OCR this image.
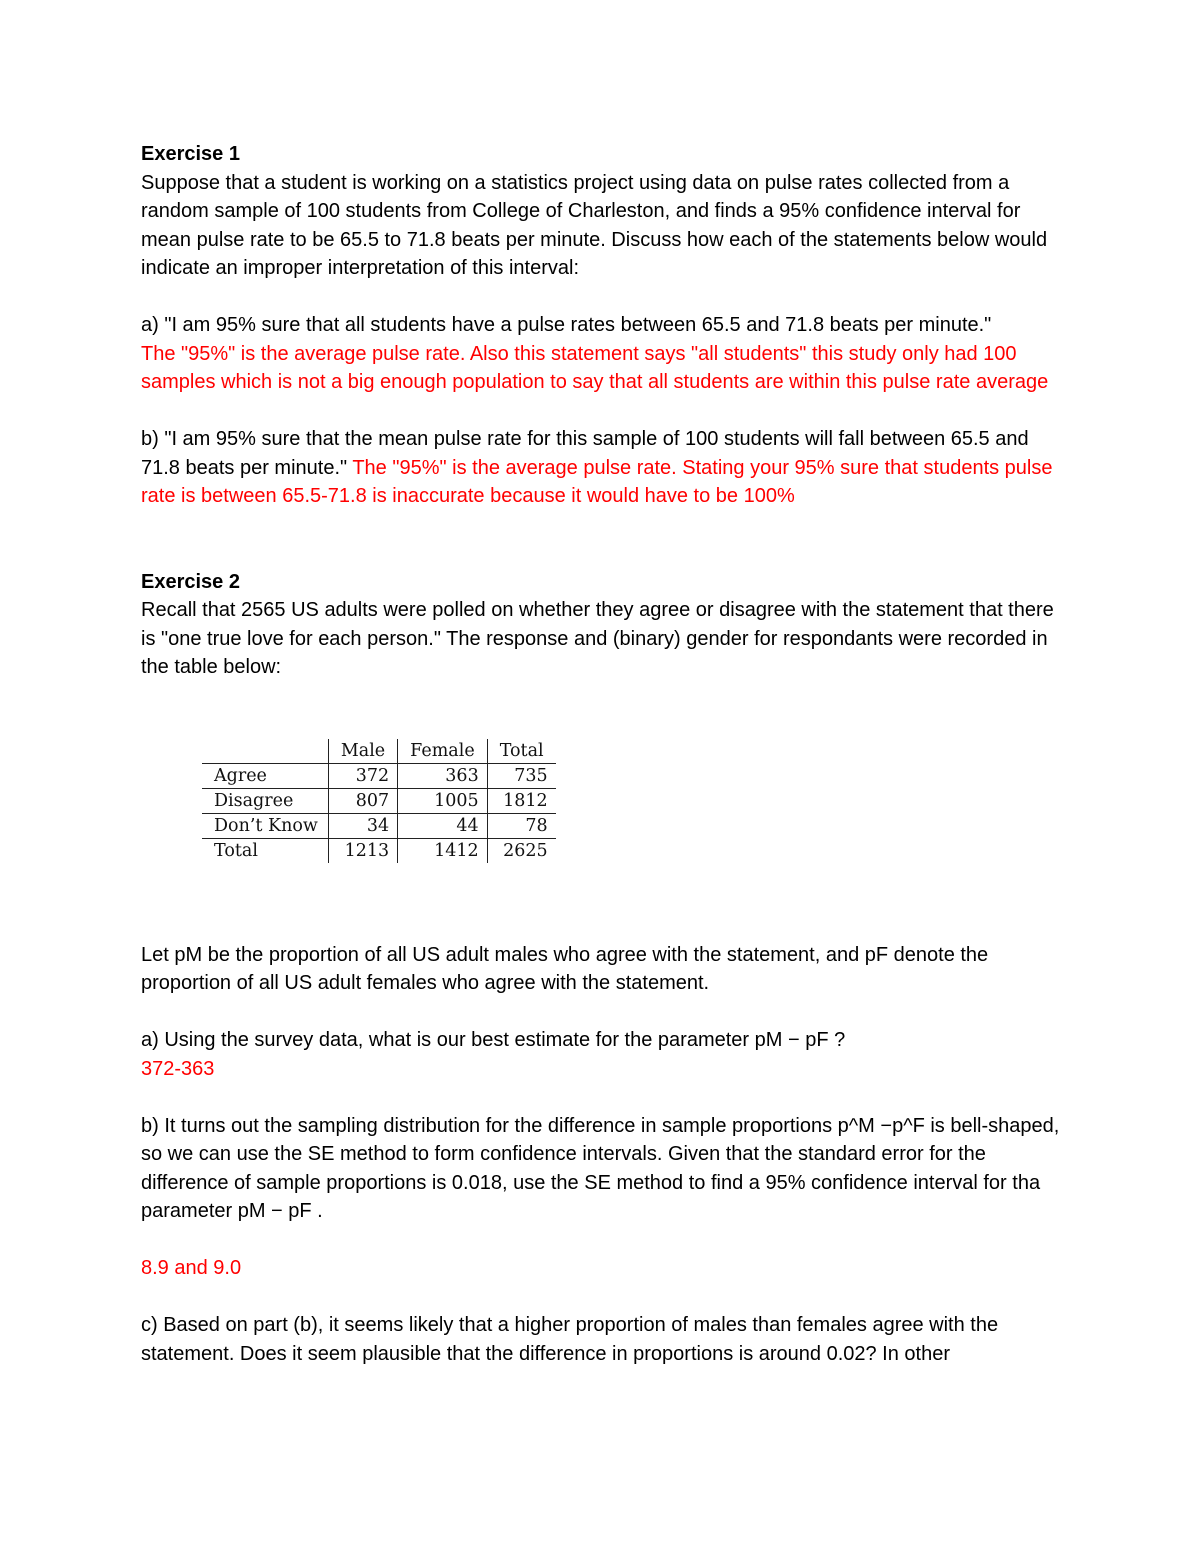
Exercise 1

Suppose that a student is working on a statistics project using data on pulse rates collected from a random sample of 100 students from College of Charleston, and finds a 95% confidence interval for mean pulse rate to be 65.5 to 71.8 beats per minute. Discuss how each of the statements below would indicate an improper interpretation of this interval:

a) "I am 95% sure that all students have a pulse rates between 65.5 and 71.8 beats per minute."

The "95%" is the average pulse rate. Also this statement says "all students" this study only had 100 samples which is not a big enough population to say that all students are within this pulse rate average

b) "I am 95% sure that the mean pulse rate for this sample of 100 students will fall between 65.5 and 71.8 beats per minute." The "95%" is the average pulse rate. Stating your 95% sure that students pulse rate is between 65.5-71.8 is inaccurate because it would have to be 100%

Exercise 2

Recall that 2565 US adults were polled on whether they agree or disagree with the statement that there is "one true love for each person." The response and (binary) gender for respondants were recorded in the table below:

	Male	Female	Total
Agree	372	363	735
Disagree	807	1005	1812
Don’t Know	34	44	78
Total	1213	1412	2625

Let pM be the proportion of all US adult males who agree with the statement, and pF denote the proportion of all US adult females who agree with the statement.

a) Using the survey data, what is our best estimate for the parameter pM − pF ?

372-363

b) It turns out the sampling distribution for the difference in sample proportions p^M −p^F is bell-shaped, so we can use the SE method to form confidence intervals. Given that the standard error for the difference of sample proportions is 0.018, use the SE method to find a 95% confidence interval for tha parameter pM − pF .

8.9 and 9.0

c) Based on part (b), it seems likely that a higher proportion of males than females agree with the statement. Does it seem plausible that the difference in proportions is around 0.02? In other
